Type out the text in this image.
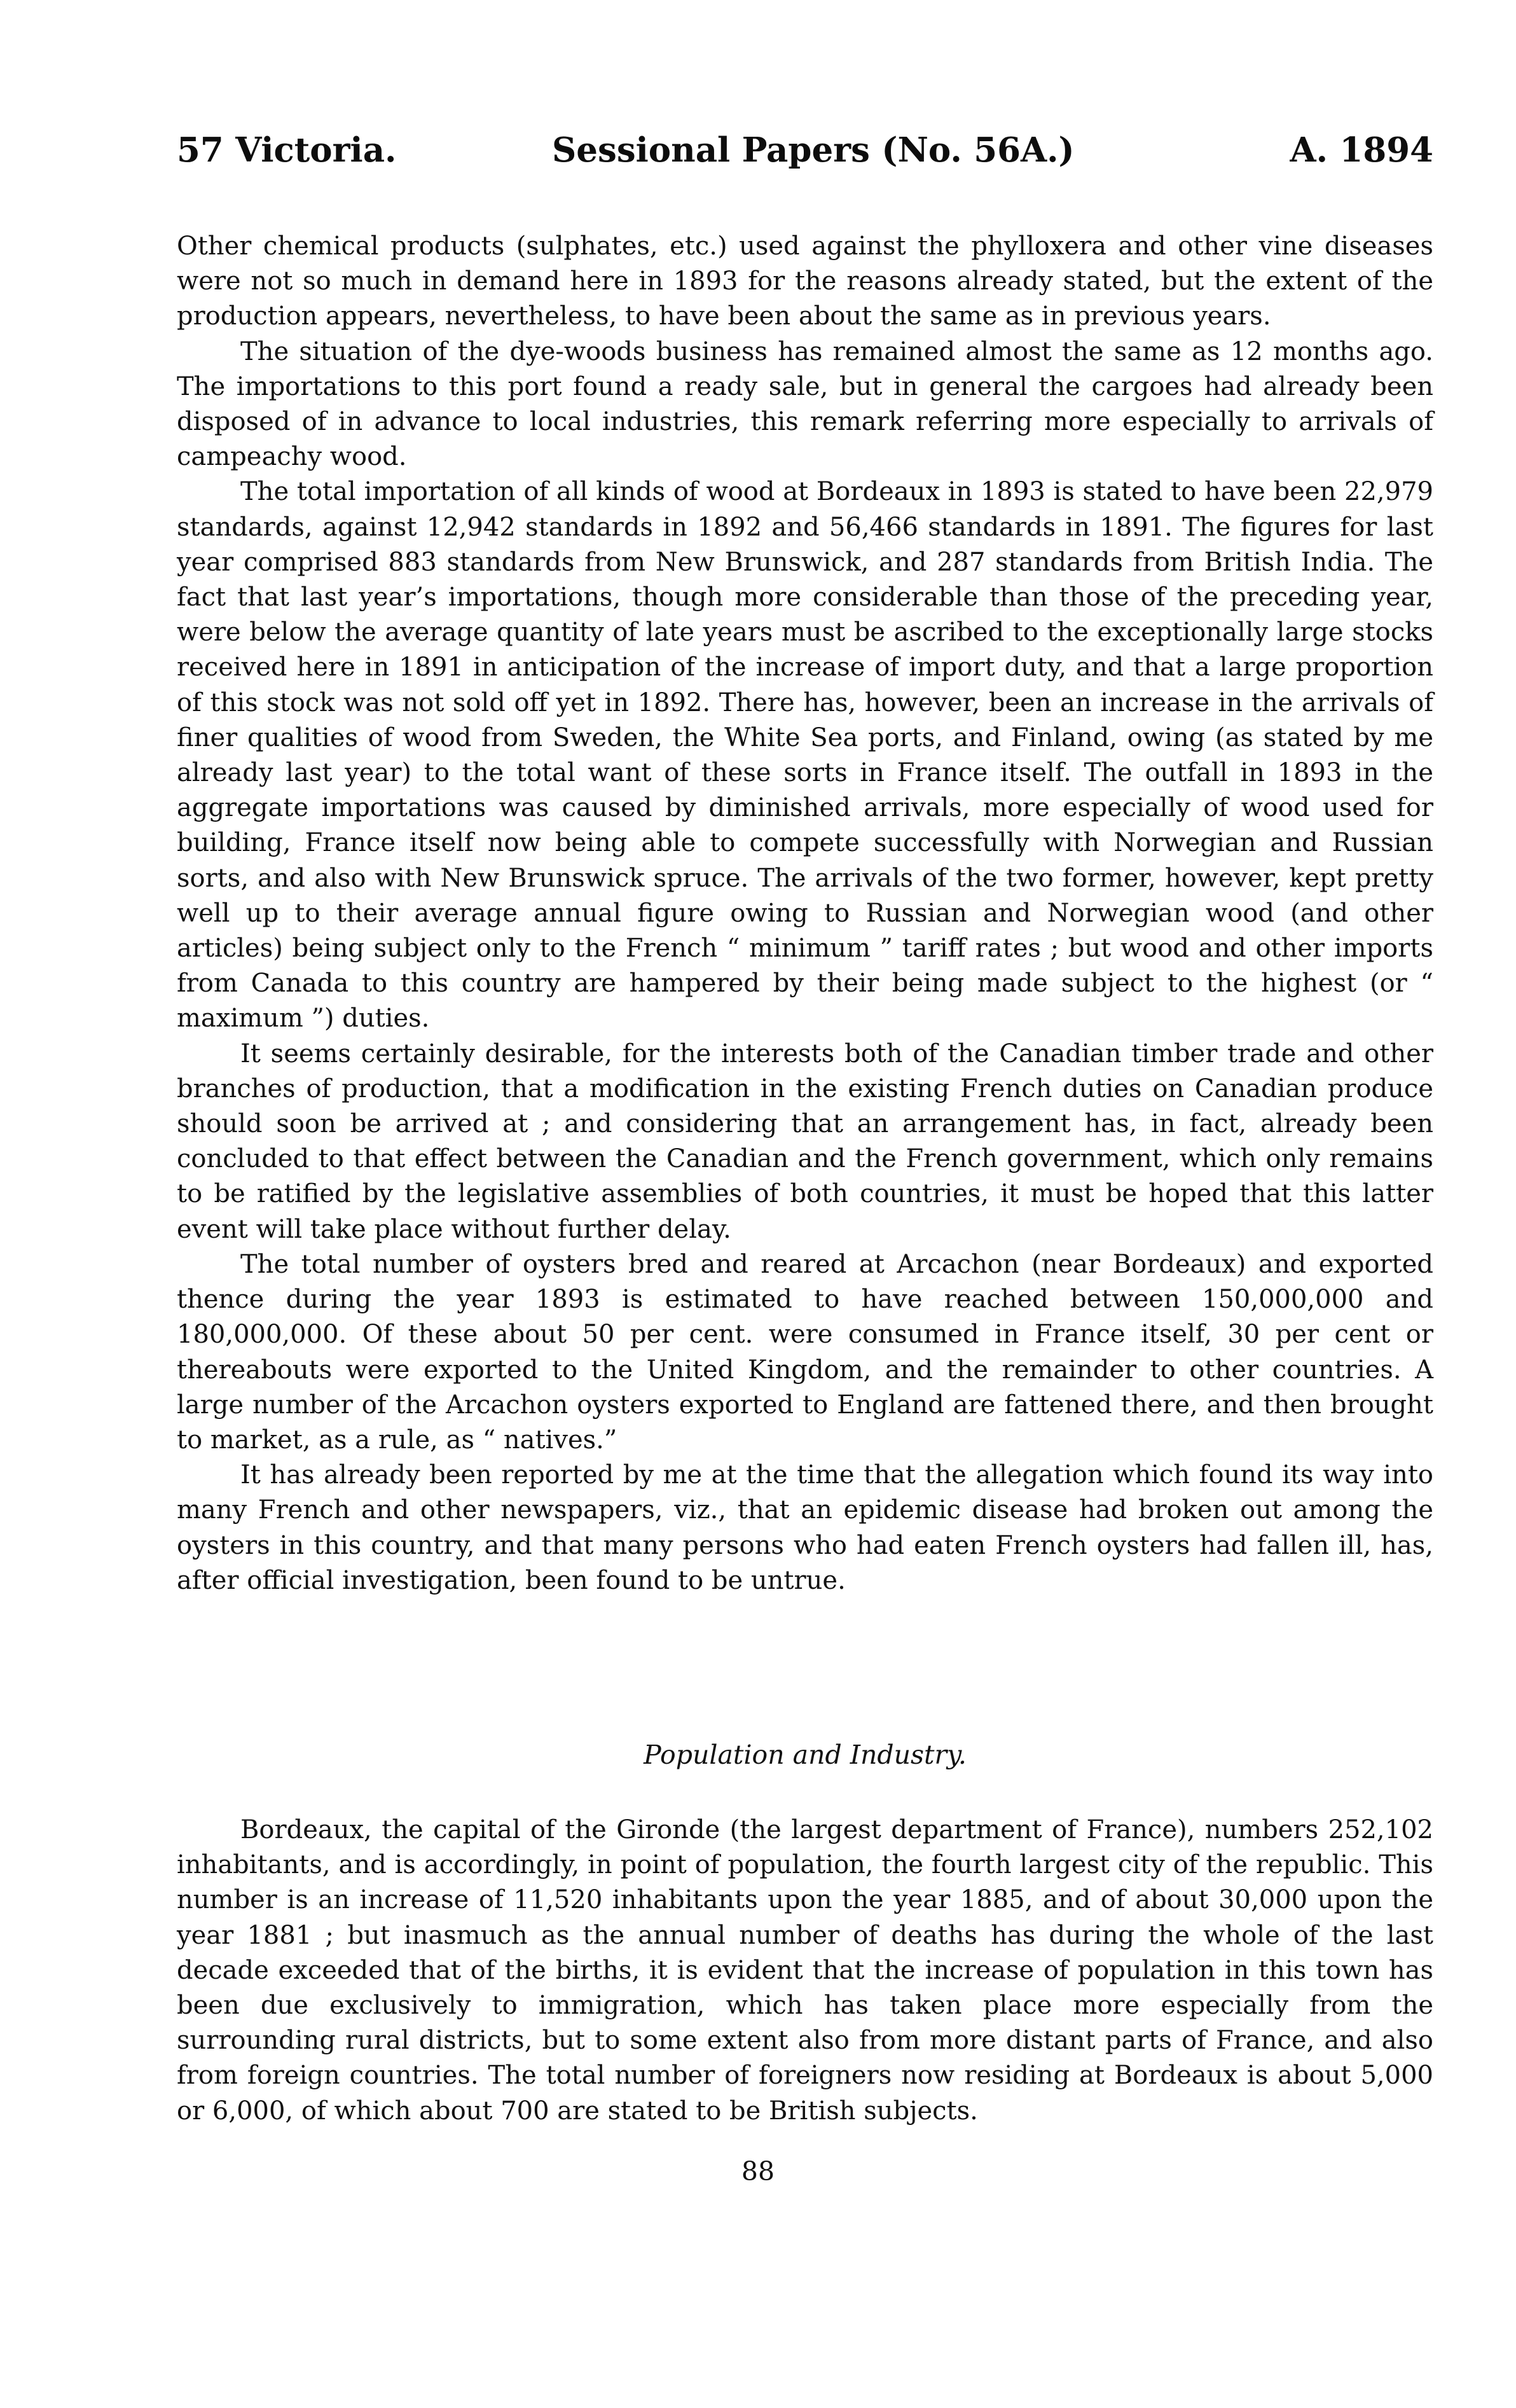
57 Victoria.	Sessional Papers (No. 56A.)	A. 1894

Other chemical products (sulphates, etc.) used against the phylloxera and other vine diseases were not so much in demand here in 1893 for the reasons already stated, but the extent of the production appears, nevertheless, to have been about the same as in previous years.

The situation of the dye-woods business has remained almost the same as 12 months ago. The importations to this port found a ready sale, but in general the cargoes had already been disposed of in advance to local industries, this remark referring more especially to arrivals of campeachy wood.

The total importation of all kinds of wood at Bordeaux in 1893 is stated to have been 22,979 standards, against 12,942 standards in 1892 and 56,466 standards in 1891. The figures for last year comprised 883 standards from New Brunswick, and 287 standards from British India. The fact that last year’s importations, though more considerable than those of the preceding year, were below the average quantity of late years must be ascribed to the exceptionally large stocks received here in 1891 in anticipation of the increase of import duty, and that a large proportion of this stock was not sold off yet in 1892. There has, however, been an increase in the arrivals of finer qualities of wood from Sweden, the White Sea ports, and Finland, owing (as stated by me already last year) to the total want of these sorts in France itself. The outfall in 1893 in the aggregate importations was caused by diminished arrivals, more especially of wood used for building, France itself now being able to compete successfully with Norwegian and Russian sorts, and also with New Brunswick spruce. The arrivals of the two former, however, kept pretty well up to their average annual figure owing to Russian and Norwegian wood (and other articles) being subject only to the French “ minimum ” tariff rates ; but wood and other imports from Canada to this country are hampered by their being made subject to the highest (or “ maximum ”) duties.

It seems certainly desirable, for the interests both of the Canadian timber trade and other branches of production, that a modification in the existing French duties on Canadian produce should soon be arrived at ; and considering that an arrangement has, in fact, already been concluded to that effect between the Canadian and the French government, which only remains to be ratified by the legislative assemblies of both countries, it must be hoped that this latter event will take place without further delay.

The total number of oysters bred and reared at Arcachon (near Bordeaux) and exported thence during the year 1893 is estimated to have reached between 150,000,000 and 180,000,000. Of these about 50 per cent. were consumed in France itself, 30 per cent or thereabouts were exported to the United Kingdom, and the remainder to other countries. A large number of the Arcachon oysters exported to England are fattened there, and then brought to market, as a rule, as “ natives.”

It has already been reported by me at the time that the allegation which found its way into many French and other newspapers, viz., that an epidemic disease had broken out among the oysters in this country, and that many persons who had eaten French oysters had fallen ill, has, after official investigation, been found to be untrue.

Population and Industry.

Bordeaux, the capital of the Gironde (the largest department of France), numbers 252,102 inhabitants, and is accordingly, in point of population, the fourth largest city of the republic. This number is an increase of 11,520 inhabitants upon the year 1885, and of about 30,000 upon the year 1881 ; but inasmuch as the annual number of deaths has during the whole of the last decade exceeded that of the births, it is evident that the increase of population in this town has been due exclusively to immigration, which has taken place more especially from the surrounding rural districts, but to some extent also from more distant parts of France, and also from foreign countries. The total number of foreigners now residing at Bordeaux is about 5,000 or 6,000, of which about 700 are stated to be British subjects.

88
